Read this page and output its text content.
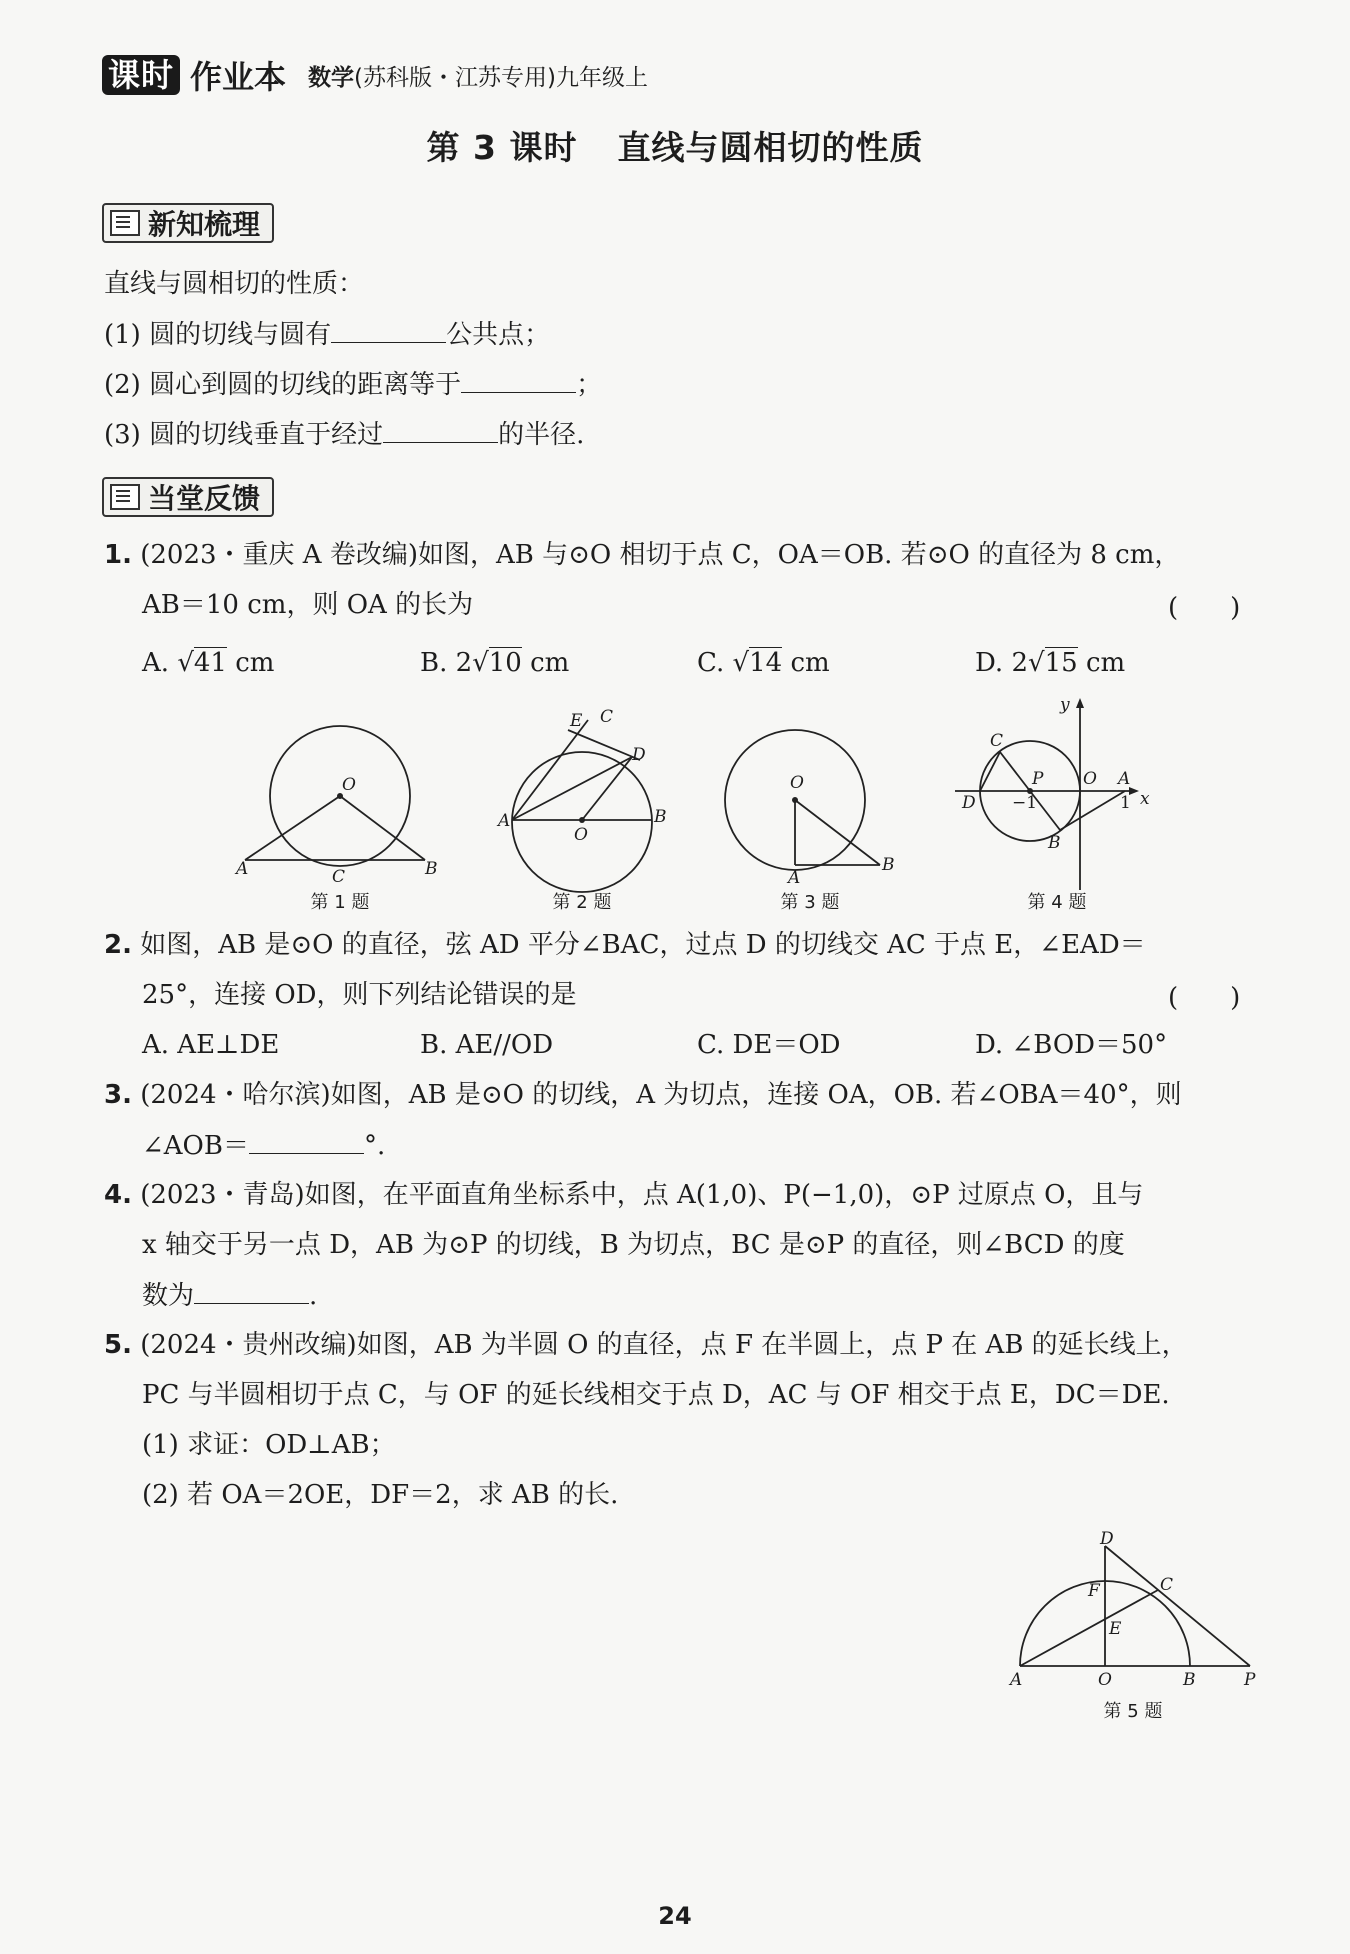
课时 作业本 数学(苏科版・江苏专用)九年级上
第 3 课时 直线与圆相切的性质
新知梳理
直线与圆相切的性质：
(1) 圆的切线与圆有	公共点；
(2) 圆心到圆的切线的距离等于	；
(3) 圆的切线垂直于经过	的半径.
当堂反馈
1. (2023・重庆 A 卷改编)如图，AB 与⊙O 相切于点 C，OA＝OB. 若⊙O 的直径为 8 cm，
AB＝10 cm，则 OA 的长为	(　　)
A. √41 cm	B. 2√10 cm	C. √14 cm	D. 2√15 cm
O
A	B
C
E C
D
A
O
B
O
A
B
y
C
P O A
D −1	1 x
B
第 1 题	第 2 题	第 3 题	第 4 题
2. 如图，AB 是⊙O 的直径，弦 AD 平分∠BAC，过点 D 的切线交 AC 于点 E，∠EAD＝
25°，连接 OD，则下列结论错误的是	(　　)
A. AE⊥DE	B. AE//OD	C. DE＝OD	D. ∠BOD＝50°
3. (2024・哈尔滨)如图，AB 是⊙O 的切线，A 为切点，连接 OA，OB. 若∠OBA＝40°，则
∠AOB＝	°.
4. (2023・青岛)如图，在平面直角坐标系中，点 A(1,0)、P(−1,0)，⊙P 过原点 O，且与
x 轴交于另一点 D，AB 为⊙P 的切线，B 为切点，BC 是⊙P 的直径，则∠BCD 的度
数为	.
5. (2024・贵州改编)如图，AB 为半圆 O 的直径，点 F 在半圆上，点 P 在 AB 的延长线上，
PC 与半圆相切于点 C，与 OF 的延长线相交于点 D，AC 与 OF 相交于点 E，DC＝DE.
(1) 求证：OD⊥AB；
(2) 若 OA＝2OE，DF＝2，求 AB 的长.
D
F	C
E
A	O	B	P
第 5 题
24
